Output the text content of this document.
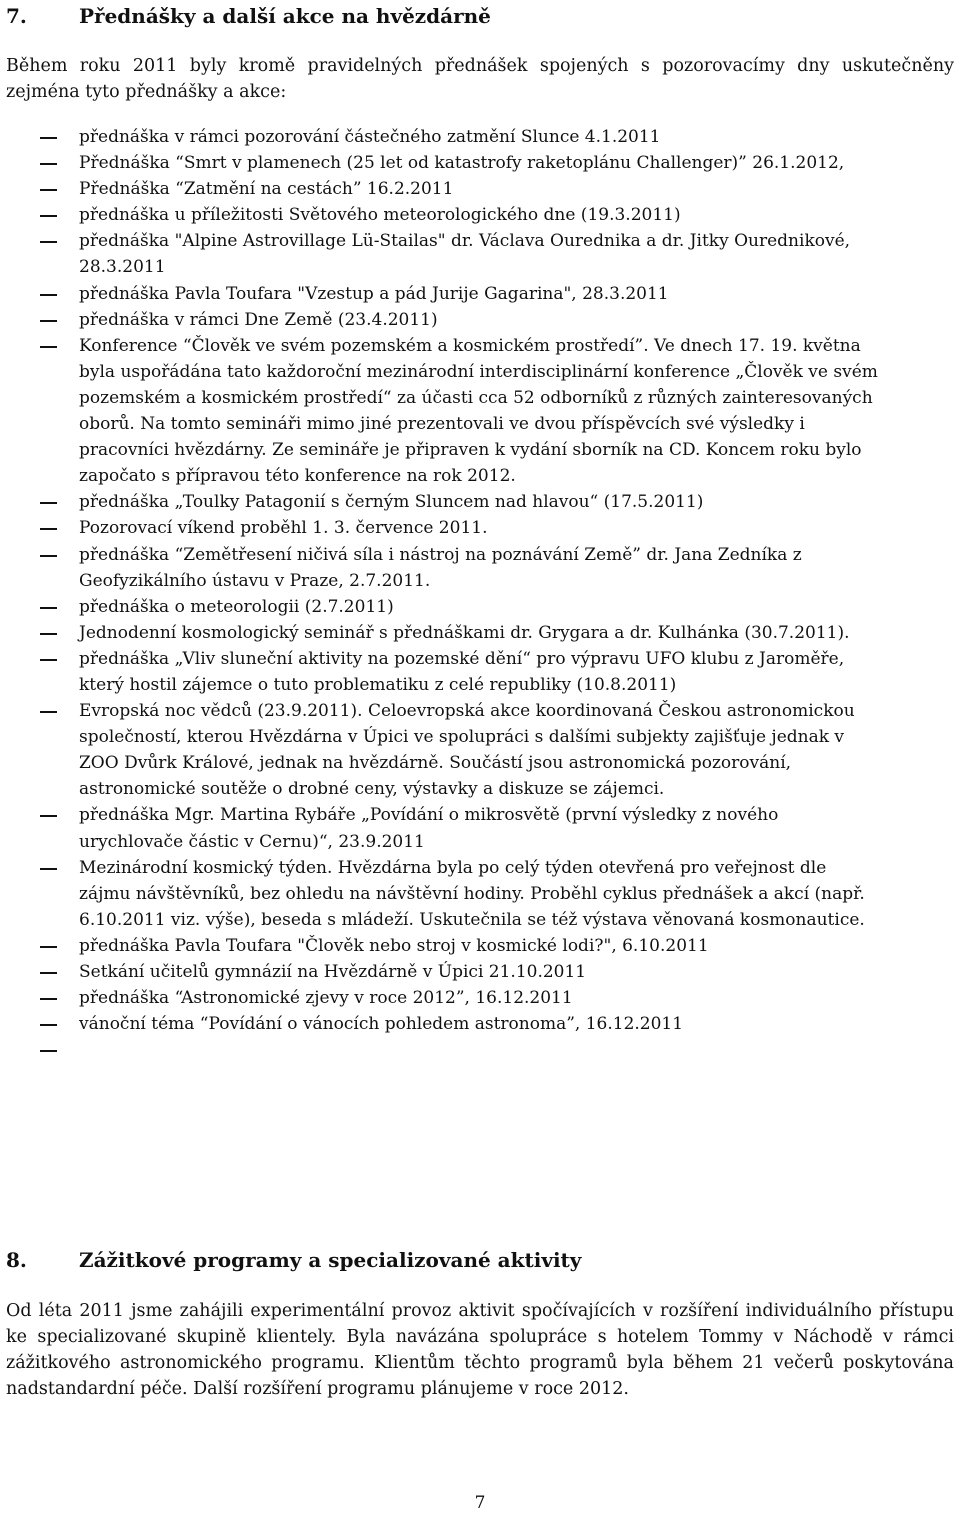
7.	Přednášky a další akce na hvězdárně
Během roku 2011 byly kromě pravidelných přednášek spojených s pozorovacímy dny uskutečněny zejména tyto přednášky a akce:
přednáška v rámci pozorování částečného zatmění Slunce 4.1.2011
Přednáška “Smrt v plamenech (25 let od katastrofy raketoplánu Challenger)” 26.1.2012,
Přednáška “Zatmění na cestách” 16.2.2011
přednáška u příležitosti Světového meteorologického dne (19.3.2011)
přednáška "Alpine Astrovillage Lü-Stailas" dr. Václava Ourednika a dr. Jitky Ourednikové, 28.3.2011
přednáška Pavla Toufara "Vzestup a pád Jurije Gagarina", 28.3.2011
přednáška v rámci Dne Země (23.4.2011)
Konference “Člověk ve svém pozemském a kosmickém prostředí”. Ve dnech 17. 19. května byla uspořádána tato každoroční mezinárodní interdisciplinární konference „Člověk ve svém pozemském a kosmickém prostředí“ za účasti cca 52 odborníků z různých zainteresovaných oborů. Na tomto semináři mimo jiné prezentovali ve dvou příspěvcích své výsledky i pracovníci hvězdárny. Ze semináře je připraven k vydání sborník na CD. Koncem roku bylo započato s přípravou této konference na rok 2012.
přednáška „Toulky Patagonií s černým Sluncem nad hlavou“ (17.5.2011)
Pozorovací víkend proběhl 1. 3. července 2011.
přednáška “Zemětřesení ničivá síla i nástroj na poznávání Země” dr. Jana Zedníka z Geofyzikálního ústavu v Praze, 2.7.2011.
přednáška o meteorologii (2.7.2011)
Jednodenní kosmologický seminář s přednáškami dr. Grygara a dr. Kulhánka (30.7.2011).
přednáška „Vliv sluneční aktivity na pozemské dění“ pro výpravu UFO klubu z Jaroměře, který hostil zájemce o tuto problematiku z celé republiky (10.8.2011)
Evropská noc vědců (23.9.2011). Celoevropská akce koordinovaná Českou astronomickou společností, kterou Hvězdárna v Úpici ve spolupráci s dalšími subjekty zajišťuje jednak v ZOO Dvůrk Králové, jednak na hvězdárně. Součástí jsou astronomická pozorování, astronomické soutěže o drobné ceny, výstavky a diskuze se zájemci.
přednáška Mgr. Martina Rybáře „Povídání o mikrosvětě (první výsledky z nového urychlovače částic v Cernu)“, 23.9.2011
Mezinárodní kosmický týden. Hvězdárna byla po celý týden otevřená pro veřejnost dle zájmu návštěvníků, bez ohledu na návštěvní hodiny. Proběhl cyklus přednášek a akcí (např. 6.10.2011 viz. výše), beseda s mládeží. Uskutečnila se též výstava věnovaná kosmonautice.
přednáška Pavla Toufara "Člověk nebo stroj v kosmické lodi?", 6.10.2011
Setkání učitelů gymnázií na Hvězdárně v Úpici 21.10.2011
přednáška “Astronomické zjevy v roce 2012”, 16.12.2011
vánoční téma “Povídání o vánocích pohledem astronoma”, 16.12.2011
8.	Zážitkové programy a specializované aktivity
Od léta 2011 jsme zahájili experimentální provoz aktivit spočívajících v rozšíření individuálního přístupu ke specializované skupině klientely. Byla navázána spolupráce s hotelem Tommy v Náchodě v rámci zážitkového astronomického programu. Klientům těchto programů byla během 21 večerů poskytována nadstandardní péče. Další rozšíření programu plánujeme v roce 2012.
7
